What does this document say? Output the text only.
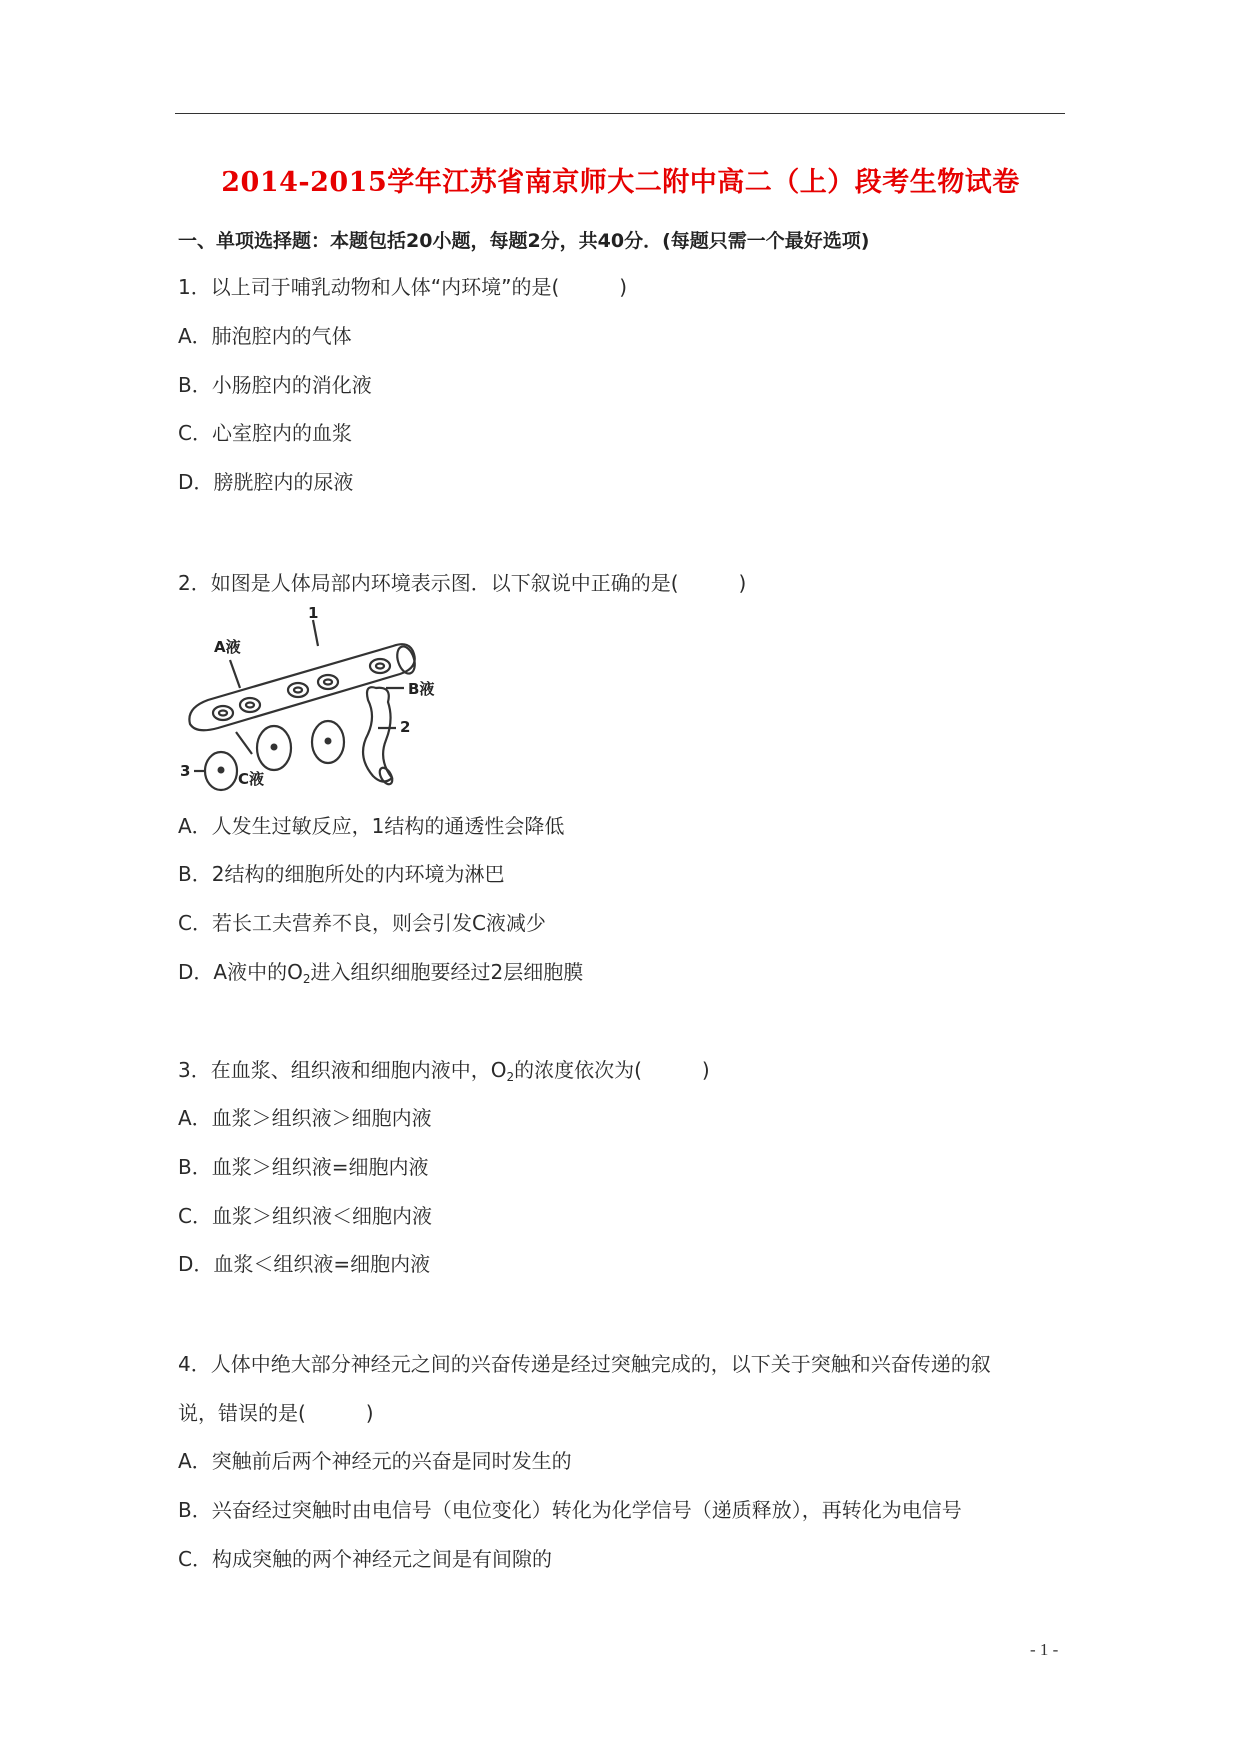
2014-2015学年江苏省南京师大二附中高二（上）段考生物试卷
一、单项选择题：本题包括20小题，每题2分，共40分．(每题只需一个最好选项)
1．以上司于哺乳动物和人体“内环境”的是(　　　)
A．肺泡腔内的气体
B．小肠腔内的消化液
C．心室腔内的血浆
D．膀胱腔内的尿液
2．如图是人体局部内环境表示图．以下叙说中正确的是(　　　)
A液
B液
C液
1
2
3
A．人发生过敏反应，1结构的通透性会降低
B．2结构的细胞所处的内环境为淋巴
C．若长工夫营养不良，则会引发C液减少
D．A液中的$O_2$进入组织细胞要经过2层细胞膜
3．在血浆、组织液和细胞内液中，$O_2$的浓度依次为(　　　)
A．血浆＞组织液＞细胞内液
B．血浆＞组织液=细胞内液
C．血浆＞组织液＜细胞内液
D．血浆＜组织液=细胞内液
4．人体中绝大部分神经元之间的兴奋传递是经过突触完成的，以下关于突触和兴奋传递的叙
说，错误的是(　　　)
A．突触前后两个神经元的兴奋是同时发生的
B．兴奋经过突触时由电信号（电位变化）转化为化学信号（递质释放），再转化为电信号
C．构成突触的两个神经元之间是有间隙的
- 1 -
